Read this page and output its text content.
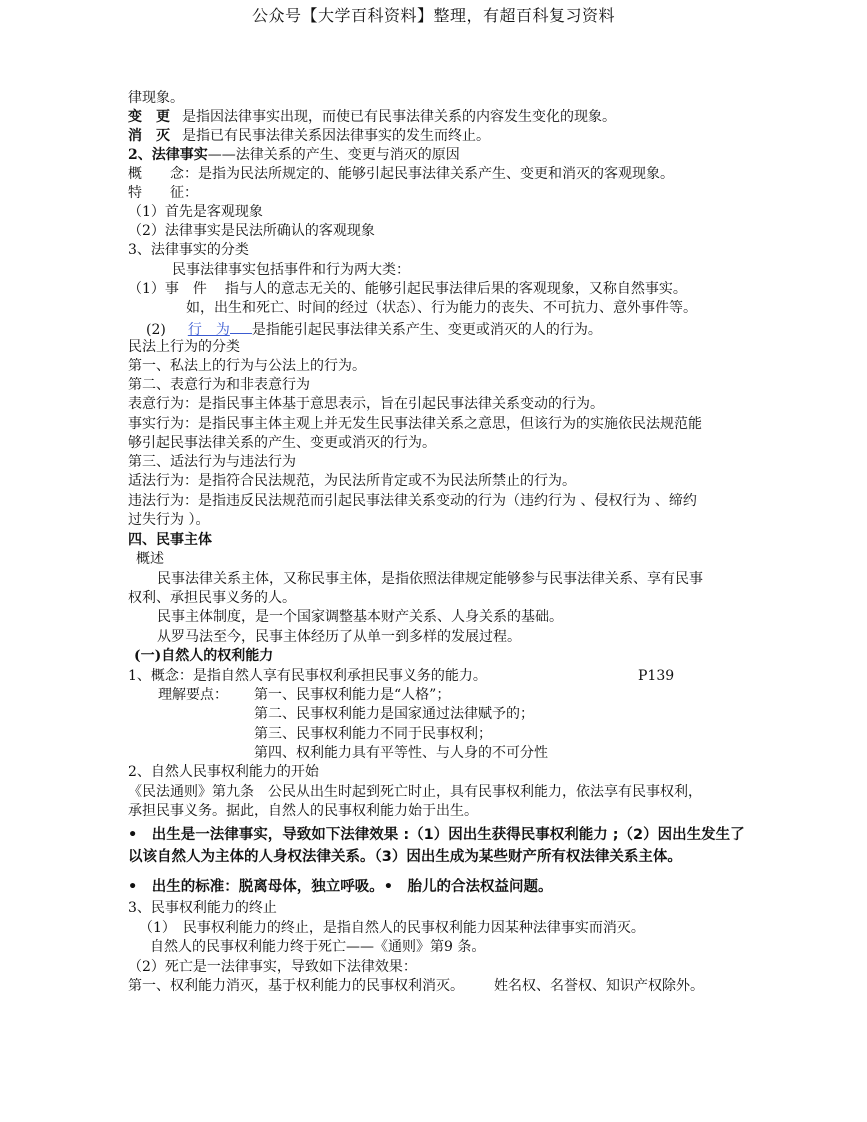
公众号【大学百科资料】整理，有超百科复习资料
律现象。
变　更 是指因法律事实出现，而使已有民事法律关系的内容发生变化的现象。
消　灭 是指已有民事法律关系因法律事实的发生而终止。
2、法律事实——法律关系的产生、变更与消灭的原因
概　　念：是指为民法所规定的、能够引起民事法律关系产生、变更和消灭的客观现象。
特　　征：
（1）首先是客观现象
（2）法律事实是民法所确认的客观现象
3、法律事实的分类
民事法律事实包括事件和行为两大类：
（1）事　件 指与人的意志无关的、能够引起民事法律后果的客观现象，又称自然事实。
如，出生和死亡、时间的经过（状态）、行为能力的丧失、不可抗力、意外事件等。
(2) 行　为 是指能引起民事法律关系产生、变更或消灭的人的行为。
民法上行为的分类
第一、私法上的行为与公法上的行为。
第二、表意行为和非表意行为
表意行为：是指民事主体基于意思表示，旨在引起民事法律关系变动的行为。
事实行为：是指民事主体主观上并无发生民事法律关系之意思，但该行为的实施依民法规范能
够引起民事法律关系的产生、变更或消灭的行为。
第三、适法行为与违法行为
适法行为：是指符合民法规范，为民法所肯定或不为民法所禁止的行为。
违法行为：是指违反民法规范而引起民事法律关系变动的行为（违约行为 、侵权行为 、缔约
过失行为 ）。
四、民事主体
概述
民事法律关系主体，又称民事主体，是指依照法律规定能够参与民事法律关系、享有民事
权利、承担民事义务的人。
民事主体制度，是一个国家调整基本财产关系、人身关系的基础。
从罗马法至今，民事主体经历了从单一到多样的发展过程。
(一)自然人的权利能力
1、概念：是指自然人享有民事权利承担民事义务的能力。	P139
理解要点： 第一、民事权利能力是“人格”；
第二、民事权利能力是国家通过法律赋予的；
第三、民事权利能力不同于民事权利；
第四、权利能力具有平等性、与人身的不可分性
2、自然人民事权利能力的开始
《民法通则》第九条　公民从出生时起到死亡时止，具有民事权利能力，依法享有民事权利，
承担民事义务。据此，自然人的民事权利能力始于出生。
•　出生是一法律事实，导致如下法律效果 :（1）因出生获得民事权利能力 ;（2）因出生发生了
以该自然人为主体的人身权法律关系。（3）因出生成为某些财产所有权法律关系主体。
•　出生的标准：脱离母体，独立呼吸。•　胎儿的合法权益问题。
3、民事权利能力的终止
（1）　民事权利能力的终止，是指自然人的民事权利能力因某种法律事实而消灭。
自然人的民事权利能力终于死亡——《通则》第9 条。
（2）死亡是一法律事实，导致如下法律效果：
第一、权利能力消灭，基于权利能力的民事权利消灭。 姓名权、名誉权、知识产权除外。
